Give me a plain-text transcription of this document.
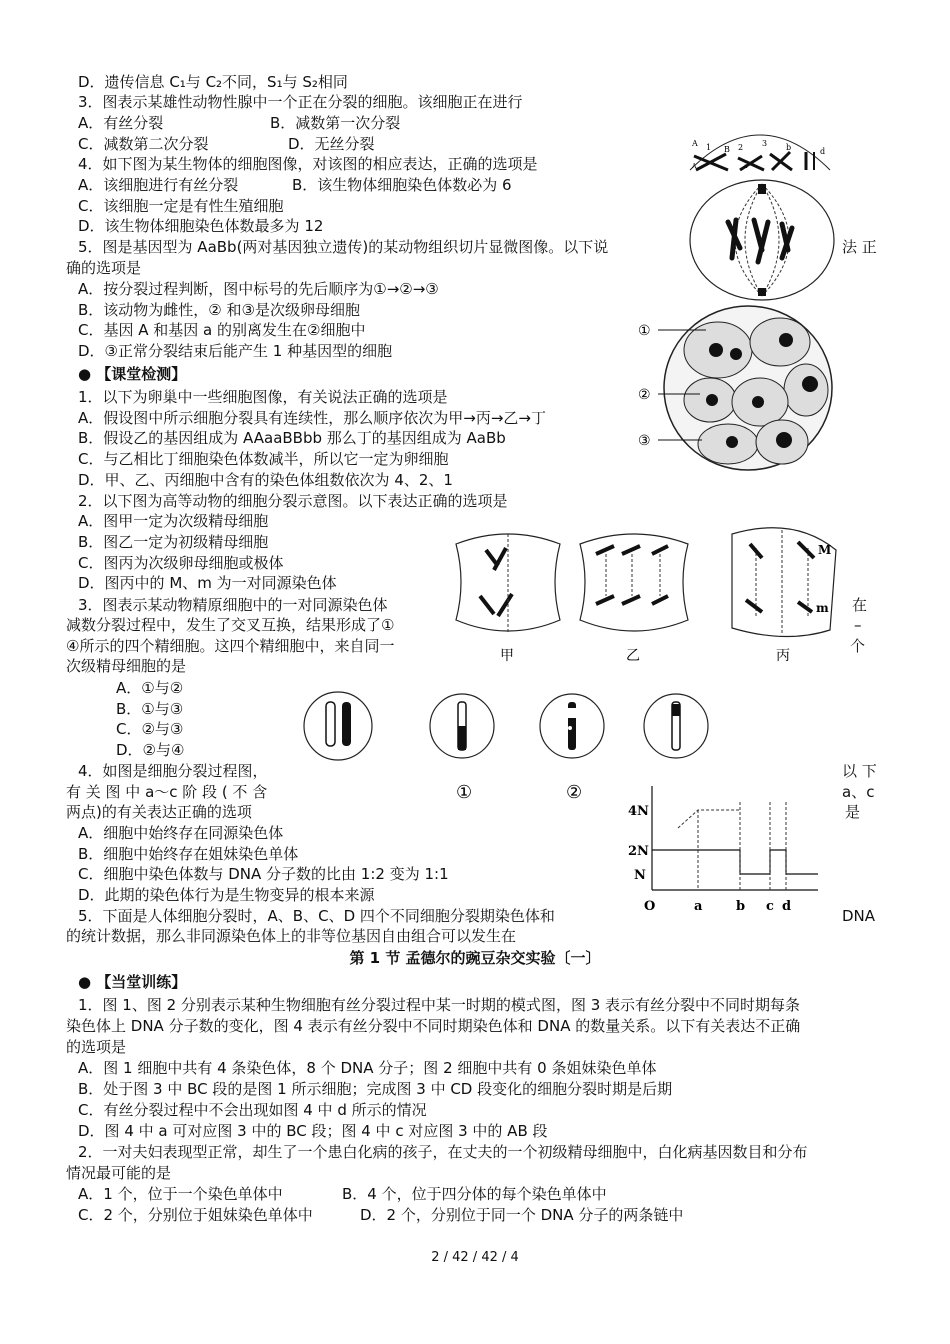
D．遗传信息 C₁与 C₂不同，S₁与 S₂相同
3．图表示某雄性动物性腺中一个正在分裂的细胞。该细胞正在进行
A．有丝分裂	B．减数第一次分裂
C．减数第二次分裂	D．无丝分裂
4．如下图为某生物体的细胞图像，对该图的相应表达，正确的选项是
A．该细胞进行有丝分裂	B．该生物体细胞染色体数必为 6
C．该细胞一定是有性生殖细胞
D．该生物体细胞染色体数最多为 12
5．图是基因型为 AaBb(两对基因独立遗传)的某动物组织切片显微图像。以下说	法 正
确的选项是
A．按分裂过程判断，图中标号的先后顺序为①→②→③
B．该动物为雌性，② 和③是次级卵母细胞
C．基因 A 和基因 a 的别离发生在②细胞中
D．③正常分裂结束后能产生 1 种基因型的细胞
● 【课堂检测】
1．以下为卵巢中一些细胞图像，有关说法正确的选项是
A．假设图中所示细胞分裂具有连续性，那么顺序依次为甲→丙→乙→丁
B．假设乙的基因组成为 AAaaBBbb 那么丁的基因组成为 AaBb
C．与乙相比丁细胞染色体数减半，所以它一定为卵细胞
D．甲、乙、丙细胞中含有的染色体组数依次为 4、2、1
2．以下图为高等动物的细胞分裂示意图。以下表达正确的选项是
A．图甲一定为次级精母细胞
B．图乙一定为初级精母细胞
C．图丙为次级卵母细胞或极体
D．图丙中的 M、m 为一对同源染色体
3．图表示某动物精原细胞中的一对同源染色体	在
减数分裂过程中，发生了交叉互换，结果形成了①	–
④所示的四个精细胞。这四个精细胞中，来自同一	个
次级精母细胞的是
A．①与②
B．①与③
C．②与③
D．②与④
4．如图是细胞分裂过程图，	以 下
有 关 图 中 a～c 阶 段 ( 不 含	a、c
两点)的有关表达正确的选项	是
A．细胞中始终存在同源染色体
B．细胞中始终存在姐妹染色单体
C．细胞中染色体数与 DNA 分子数的比由 1:2 变为 1:1
D．此期的染色体行为是生物变异的根本来源
5．下面是人体细胞分裂时，A、B、C、D 四个不同细胞分裂期染色体和	DNA
的统计数据，那么非同源染色体上的非等位基因自由组合可以发生在
第 1 节 孟德尔的豌豆杂交实验〔一〕
● 【当堂训练】
1．图 1、图 2 分别表示某种生物细胞有丝分裂过程中某一时期的模式图，图 3 表示有丝分裂中不同时期每条
染色体上 DNA 分子数的变化，图 4 表示有丝分裂中不同时期染色体和 DNA 的数量关系。以下有关表达不正确
的选项是
A．图 1 细胞中共有 4 条染色体，8 个 DNA 分子；图 2 细胞中共有 0 条姐妹染色单体
B．处于图 3 中 BC 段的是图 1 所示细胞；完成图 3 中 CD 段变化的细胞分裂时期是后期
C．有丝分裂过程中不会出现如图 4 中 d 所示的情况
D．图 4 中 a 可对应图 3 中的 BC 段；图 4 中 c 对应图 3 中的 AB 段
2．一对夫妇表现型正常，却生了一个患白化病的孩子，在丈夫的一个初级精母细胞中，白化病基因数目和分布
情况最可能的是
A．1 个，位于一个染色单体中	B．4 个，位于四分体的每个染色单体中
C．2 个，分别位于姐妹染色单体中	D．2 个，分别位于同一个 DNA 分子的两条链中
2 / 42 / 42 / 4
A 1 B 2 3 b	d
A	a
①
②
③
M
m
甲	乙	丙
①	②
4N
2N
N
O	a	b c d
